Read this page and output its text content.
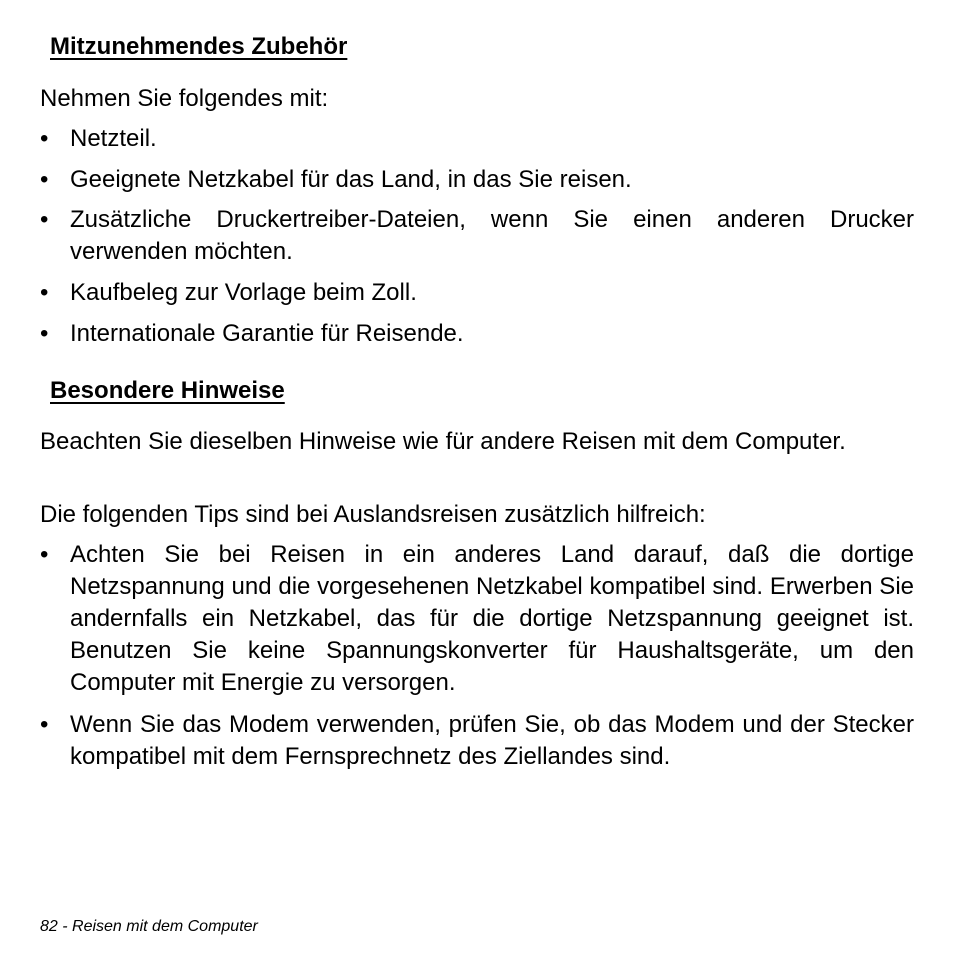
Mitzunehmendes Zubehör

Nehmen Sie folgendes mit:

• Netzteil.
• Geeignete Netzkabel für das Land, in das Sie reisen.
• Zusätzliche Druckertreiber-Dateien, wenn Sie einen anderen Drucker verwenden möchten.
• Kaufbeleg zur Vorlage beim Zoll.
• Internationale Garantie für Reisende.
Besondere Hinweise

Beachten Sie dieselben Hinweise wie für andere Reisen mit dem Computer.

Die folgenden Tips sind bei Auslandsreisen zusätzlich hilfreich:

• Achten Sie bei Reisen in ein anderes Land darauf, daß die dortige Netzspannung und die vorgesehenen Netzkabel kompatibel sind. Erwerben Sie andernfalls ein Netzkabel, das für die dortige Netzspannung geeignet ist. Benutzen Sie keine Spannungskonverter für Haushaltsgeräte, um den Computer mit Energie zu versorgen.
• Wenn Sie das Modem verwenden, prüfen Sie, ob das Modem und der Stecker kompatibel mit dem Fernsprechnetz des Ziellandes sind.

82 - Reisen mit dem Computer
